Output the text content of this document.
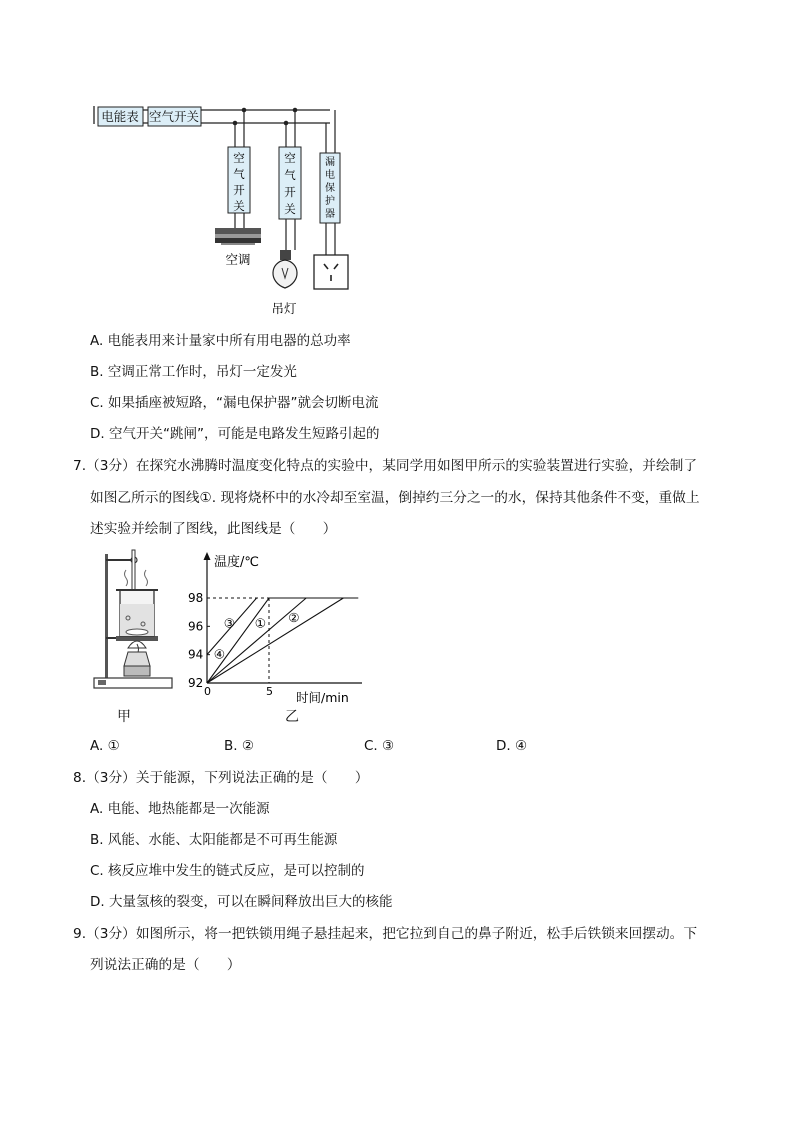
电能表 空气开关
空
气
开
关
空调
空
气
开
关
吊灯
漏
电
保
护
器
A. 电能表用来计量家中所有用电器的总功率
B. 空调正常工作时，吊灯一定发光
C. 如果插座被短路，“漏电保护器”就会切断电流
D. 空气开关“跳闸”，可能是电路发生短路引起的
7.（3分）在探究水沸腾时温度变化特点的实验中，某同学用如图甲所示的实验装置进行实验，并绘制了
如图乙所示的图线①. 现将烧杯中的水冷却至室温，倒掉约三分之一的水，保持其他条件不变，重做上
述实验并绘制了图线，此图线是（　　）
甲
温度/℃
时间/min
0
92
94
96
98
5
① ②
③
④
乙
A. ①	B. ②	C. ③	D. ④
8.（3分）关于能源，下列说法正确的是（　　）
A. 电能、地热能都是一次能源
B. 风能、水能、太阳能都是不可再生能源
C. 核反应堆中发生的链式反应，是可以控制的
D. 大量氢核的裂变，可以在瞬间释放出巨大的核能
9.（3分）如图所示，将一把铁锁用绳子悬挂起来，把它拉到自己的鼻子附近，松手后铁锁来回摆动。下
列说法正确的是（　　）
